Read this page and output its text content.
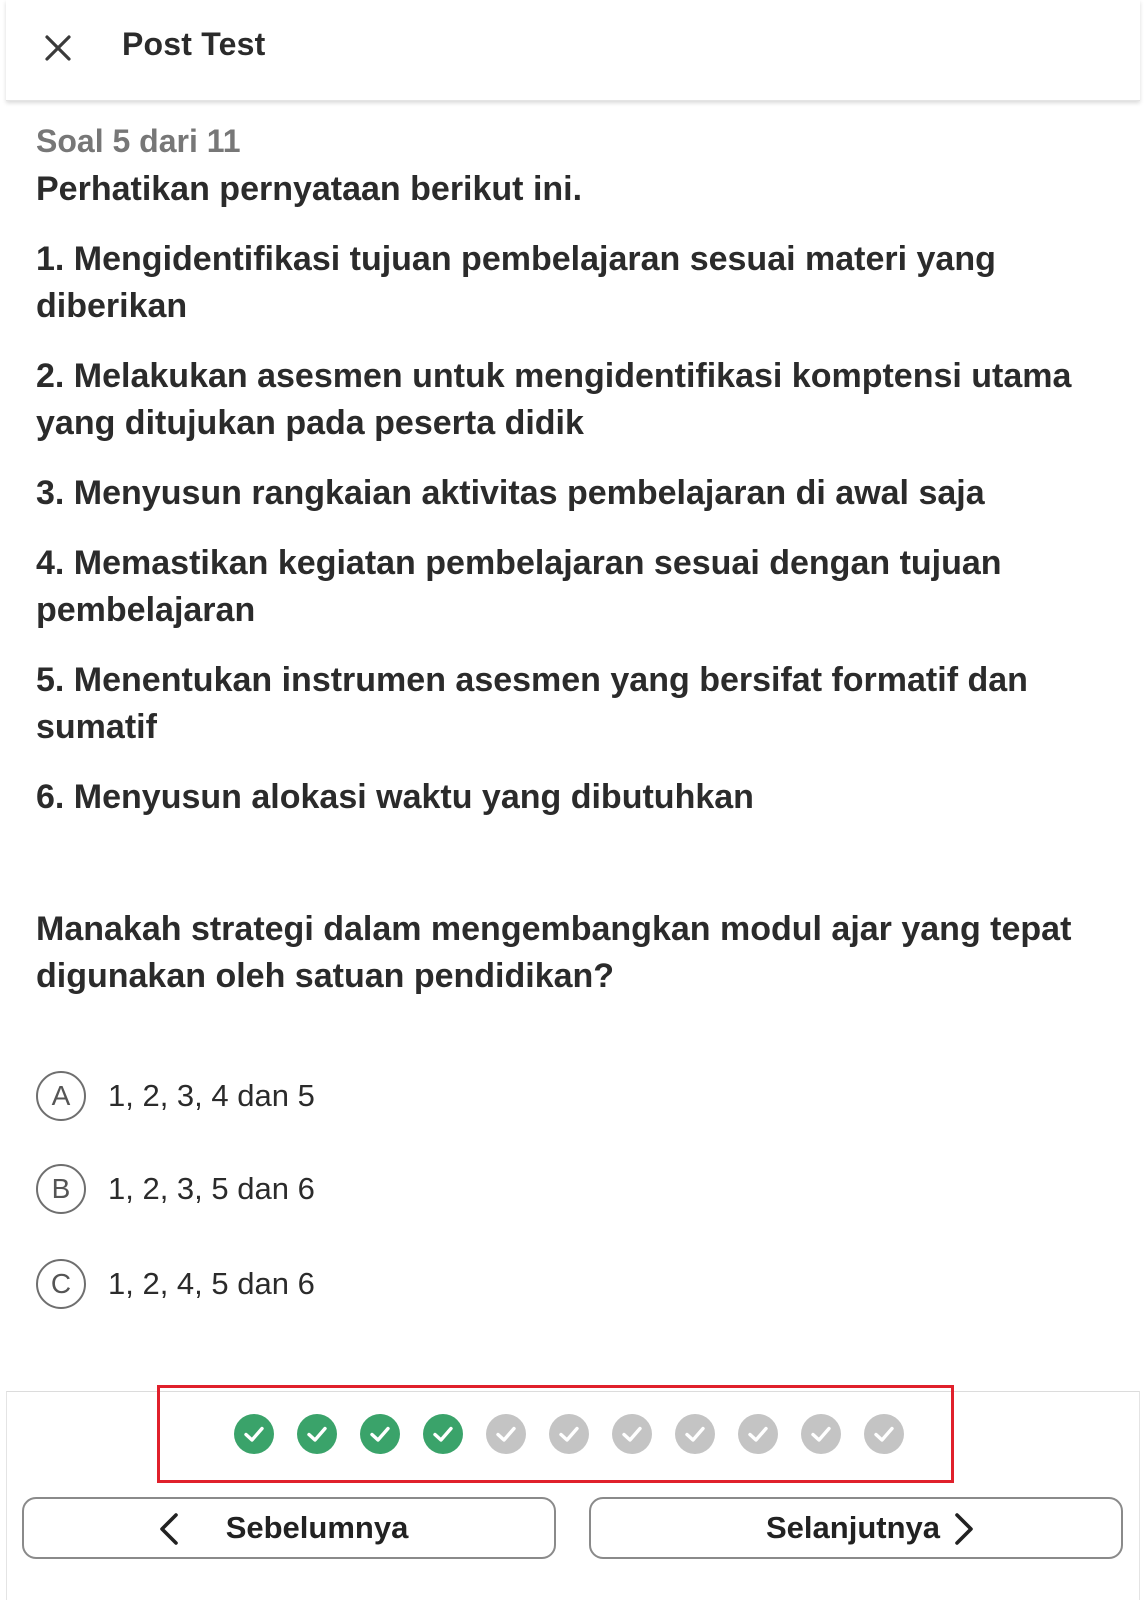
Post Test
Soal 5 dari 11

Perhatikan pernyataan berikut ini.

1. Mengidentifikasi tujuan pembelajaran sesuai materi yang diberikan

2. Melakukan asesmen untuk mengidentifikasi komptensi utama yang ditujukan pada peserta didik

3. Menyusun rangkaian aktivitas pembelajaran di awal saja

4. Memastikan kegiatan pembelajaran sesuai dengan tujuan pembelajaran

5. Menentukan instrumen asesmen yang bersifat formatif dan sumatif

6. Menyusun alokasi waktu yang dibutuhkan

Manakah strategi dalam mengembangkan modul ajar yang tepat digunakan oleh satuan pendidikan?
A	1, 2, 3, 4 dan 5
B	1, 2, 3, 5 dan 6
C	1, 2, 4, 5 dan 6
Sebelumnya	Selanjutnya
